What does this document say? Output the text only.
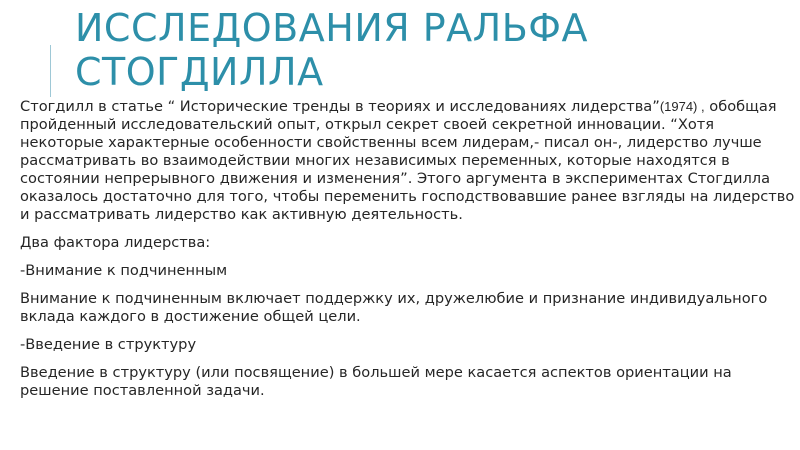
ИССЛЕДОВАНИЯ РАЛЬФА
СТОГДИЛЛА

Стогдилл в статье “ Исторические тренды в теориях и исследованиях лидерства”(1974) , обобщая пройденный исследовательский опыт, открыл секрет своей секретной инновации. “Хотя некоторые характерные особенности свойственны всем лидерам,- писал он-, лидерство лучше рассматривать во взаимодействии многих независимых переменных, которые находятся в состоянии непрерывного движения и изменения”. Этого аргумента в экспериментах Стогдилла оказалось достаточно для того, чтобы переменить господствовавшие ранее взгляды на лидерство и рассматривать лидерство как активную деятельность.

Два фактора лидерства:

-Внимание к подчиненным

Внимание к подчиненным включает поддержку их, дружелюбие и признание индивидуального вклада каждого в достижение общей цели.

-Введение в структуру

Введение в структуру (или посвящение) в большей мере касается аспектов ориентации на решение поставленной задачи.
